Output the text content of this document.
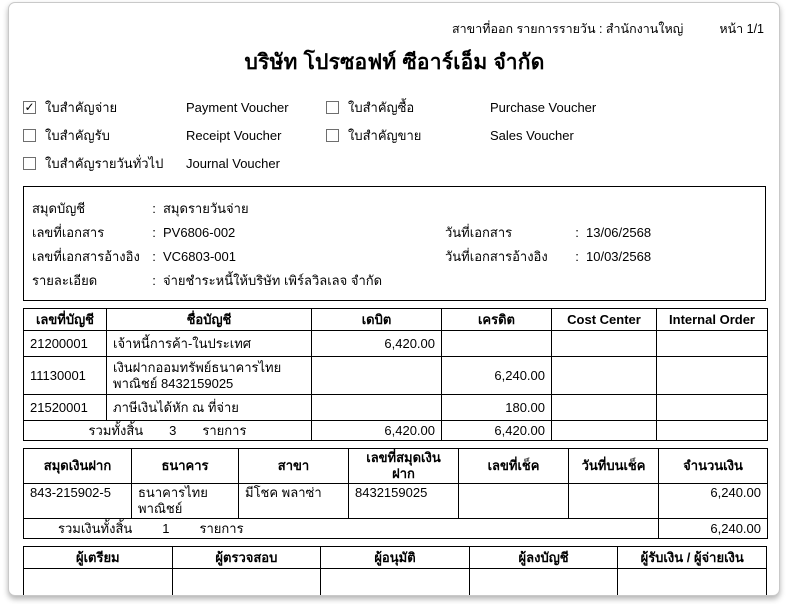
สาขาที่ออก รายการรายวัน : สำนักงานใหญ่	หน้า 1/1
บริษัท โปรซอฟท์ ซีอาร์เอ็ม จำกัด
✓
ใบสำคัญจ่าย	Payment Voucher	ใบสำคัญซื้อ	Purchase Voucher
ใบสำคัญรับ	Receipt Voucher	ใบสำคัญขาย	Sales Voucher
ใบสำคัญรายวันทั่วไป Journal Voucher
สมุดบัญชี	: สมุดรายวันจ่าย
เลขที่เอกสาร	: PV6806-002	วันที่เอกสาร	: 13/06/2568
เลขที่เอกสารอ้างอิง : VC6803-001	วันที่เอกสารอ้างอิง	: 10/03/2568
รายละเอียด	: จ่ายชำระหนี้ให้บริษัท เพิร์ลวิลเลจ จำกัด
เลขที่บัญชี	ชื่อบัญชี	เดบิต	เครดิต	Cost Center	Internal Order
21200001	เจ้าหนี้การค้า-ในประเทศ	6,420.00			
11130001	เงินฝากออมทรัพย์ธนาคารไทยพาณิชย์ 8432159025		6,240.00		
21520001	ภาษีเงินได้หัก ณ ที่จ่าย		180.00		

รวมทั้งสิ้น 3 รายการ		6,420.00	6,420.00		
สมุดเงินฝาก	ธนาคาร	สาขา	เลขที่สมุดเงินฝาก	เลขที่เช็ค	วันที่บนเช็ค	จำนวนเงิน
843-215902-5	ธนาคารไทยพาณิชย์	มีโชค พลาซ่า	8432159025			6,240.00

รวมเงินทั้งสิ้น 1 รายการ						6,240.00
ผู้เตรียม	ผู้ตรวจสอบ	ผู้อนุมัติ	ผู้ลงบัญชี	ผู้รับเงิน / ผู้จ่ายเงิน
